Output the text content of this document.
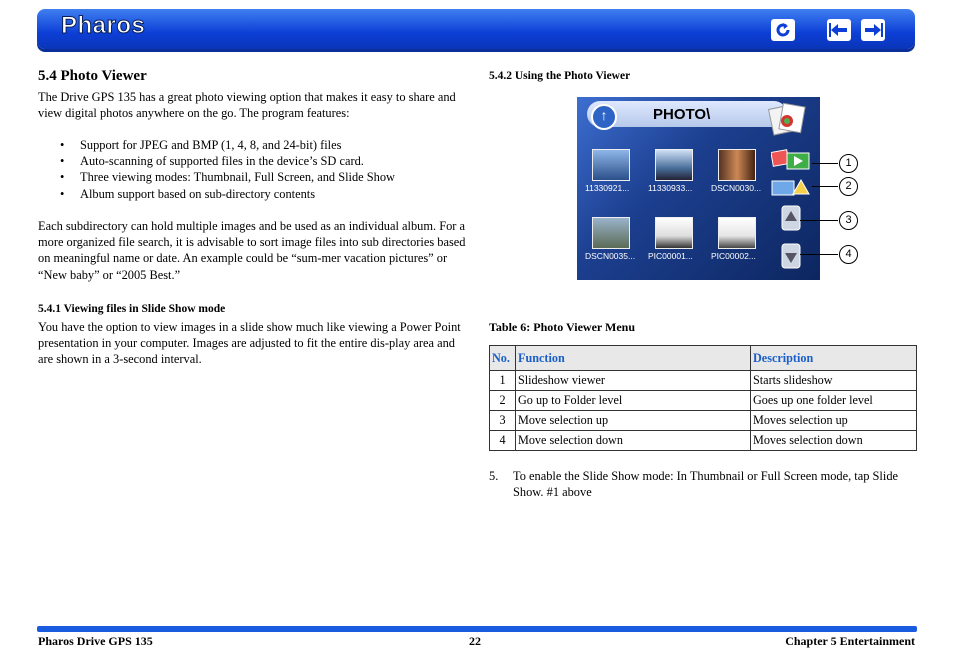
Pharos
5.4 Photo Viewer

The Drive GPS 135 has a great photo viewing option that makes it easy to share and view digital photos anywhere on the go. The program features:

• Support for JPEG and BMP (1, 4, 8, and 24-bit) files
• Auto-scanning of supported files in the device’s SD card.
• Three viewing modes: Thumbnail, Full Screen, and Slide Show
• Album support based on sub-directory contents

Each subdirectory can hold multiple images and be used as an individual album. For a more organized file search, it is advisable to sort image files into sub directories based on meaningful name or date. An example could be “sum-mer vacation pictures” or “New baby” or “2005 Best.”

5.4.1 Viewing files in Slide Show mode

You have the option to view images in a slide show much like viewing a Power Point presentation in your computer. Images are adjusted to fit the entire dis-play area and are shown in a 3-second interval.

5.4.2 Using the Photo Viewer
↑	PHOTO\
11330921...	11330933...	DSCN0030...
DSCN0035... PIC00001...	PIC00002...
1
2
3
4

Table 6: Photo Viewer Menu

No.	Function	Description
1	Slideshow viewer	Starts slideshow
2	Go up to Folder level	Goes up one folder level
3	Move selection up	Moves selection up
4	Move selection down	Moves selection down
5. To enable the Slide Show mode: In Thumbnail or Full Screen mode, tap Slide Show. #1 above

Pharos Drive GPS 135	22	Chapter 5 Entertainment
